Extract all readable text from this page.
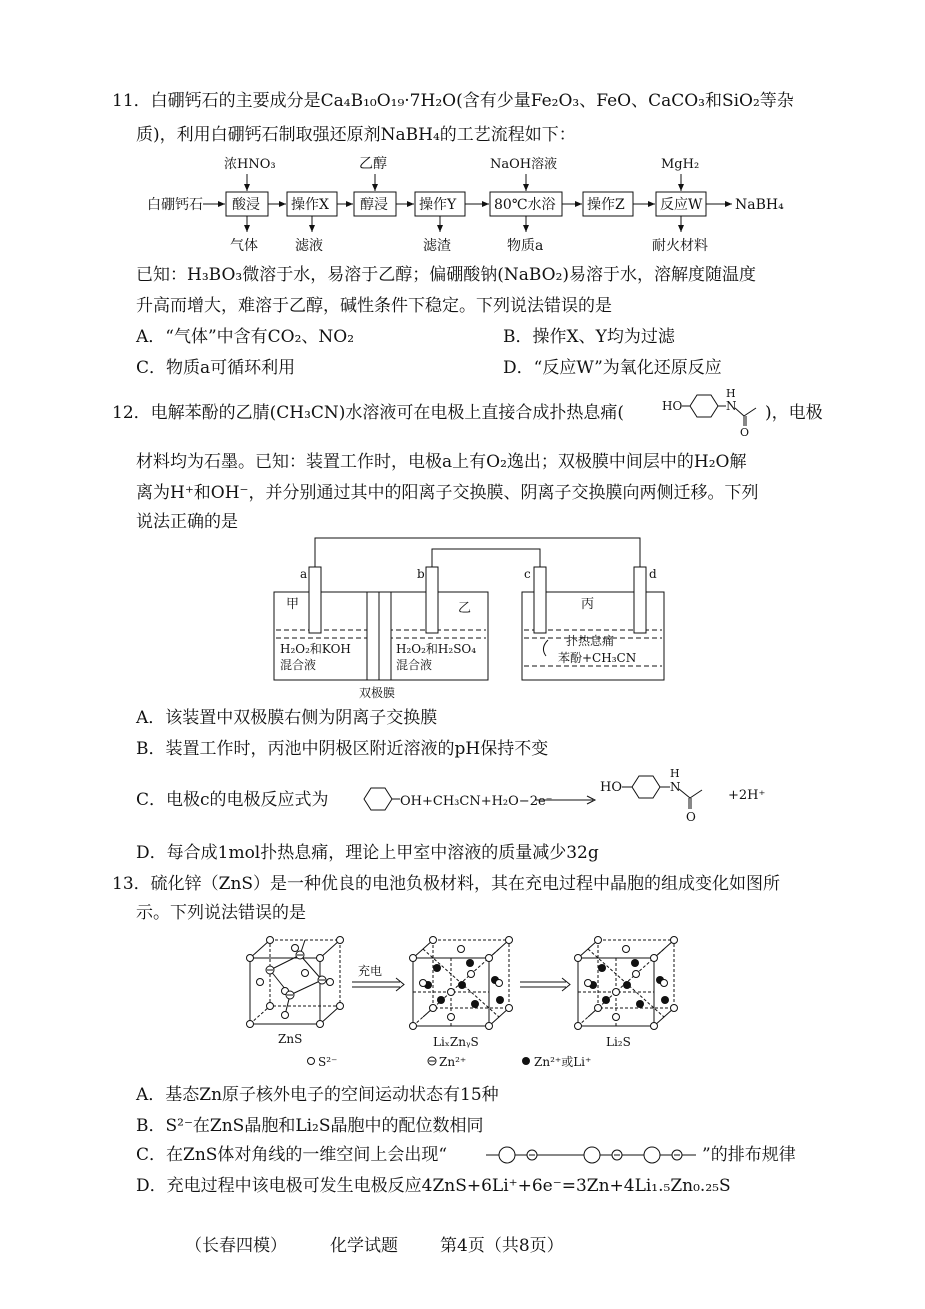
11．白硼钙石的主要成分是Ca₄B₁₀O₁₉·7H₂O(含有少量Fe₂O₃、FeO、CaCO₃和SiO₂等杂
质)，利用白硼钙石制取强还原剂NaBH₄的工艺流程如下：
白硼钙石 酸浸 操作X 醇浸 操作Y	80℃水浴 操作Z	反应W NaBH₄
浓HNO₃	乙醇	NaOH溶液	MgH₂
气体	滤液	滤渣	物质a	耐火材料
已知：H₃BO₃微溶于水，易溶于乙醇；偏硼酸钠(NaBO₂)易溶于水，溶解度随温度
升高而增大，难溶于乙醇，碱性条件下稳定。下列说法错误的是
A．“气体”中含有CO₂、NO₂	B．操作X、Y均为过滤
C．物质a可循环利用	D．“反应W”为氧化还原反应
12．电解苯酚的乙腈(CH₃CN)水溶液可在电极上直接合成扑热息痛(	HO	N
H
O
)，电极
材料均为石墨。已知：装置工作时，电极a上有O₂逸出；双极膜中间层中的H₂O解
离为H⁺和OH⁻，并分别通过其中的阳离子交换膜、阴离子交换膜向两侧迁移。下列
说法正确的是
a	b	c	d
甲	乙	丙
H₂O₂和KOH
混合液
H₂O₂和H₂SO₄
混合液
扑热息痛
苯酚+CH₃CN
双极膜
A．该装置中双极膜右侧为阴离子交换膜
B．装置工作时，丙池中阴极区附近溶液的pH保持不变
C．电极c的电极反应式为	OH+CH₃CN+H₂O−2e⁻
HO	N
H
O
+2H⁺
D．每合成1mol扑热息痛，理论上甲室中溶液的质量减少32g
13．硫化锌（ZnS）是一种优良的电池负极材料，其在充电过程中晶胞的组成变化如图所
示。下列说法错误的是
ZnS
充电
LiₓZnᵧS	Li₂S
S²⁻	Zn²⁺	Zn²⁺或Li⁺
A．基态Zn原子核外电子的空间运动状态有15种
B．S²⁻在ZnS晶胞和Li₂S晶胞中的配位数相同
C．在ZnS体对角线的一维空间上会出现“	”的排布规律
D．充电过程中该电极可发生电极反应4ZnS+6Li⁺+6e⁻=3Zn+4Li₁.₅Zn₀.₂₅S
（长春四模）	化学试题 第4页（共8页）
